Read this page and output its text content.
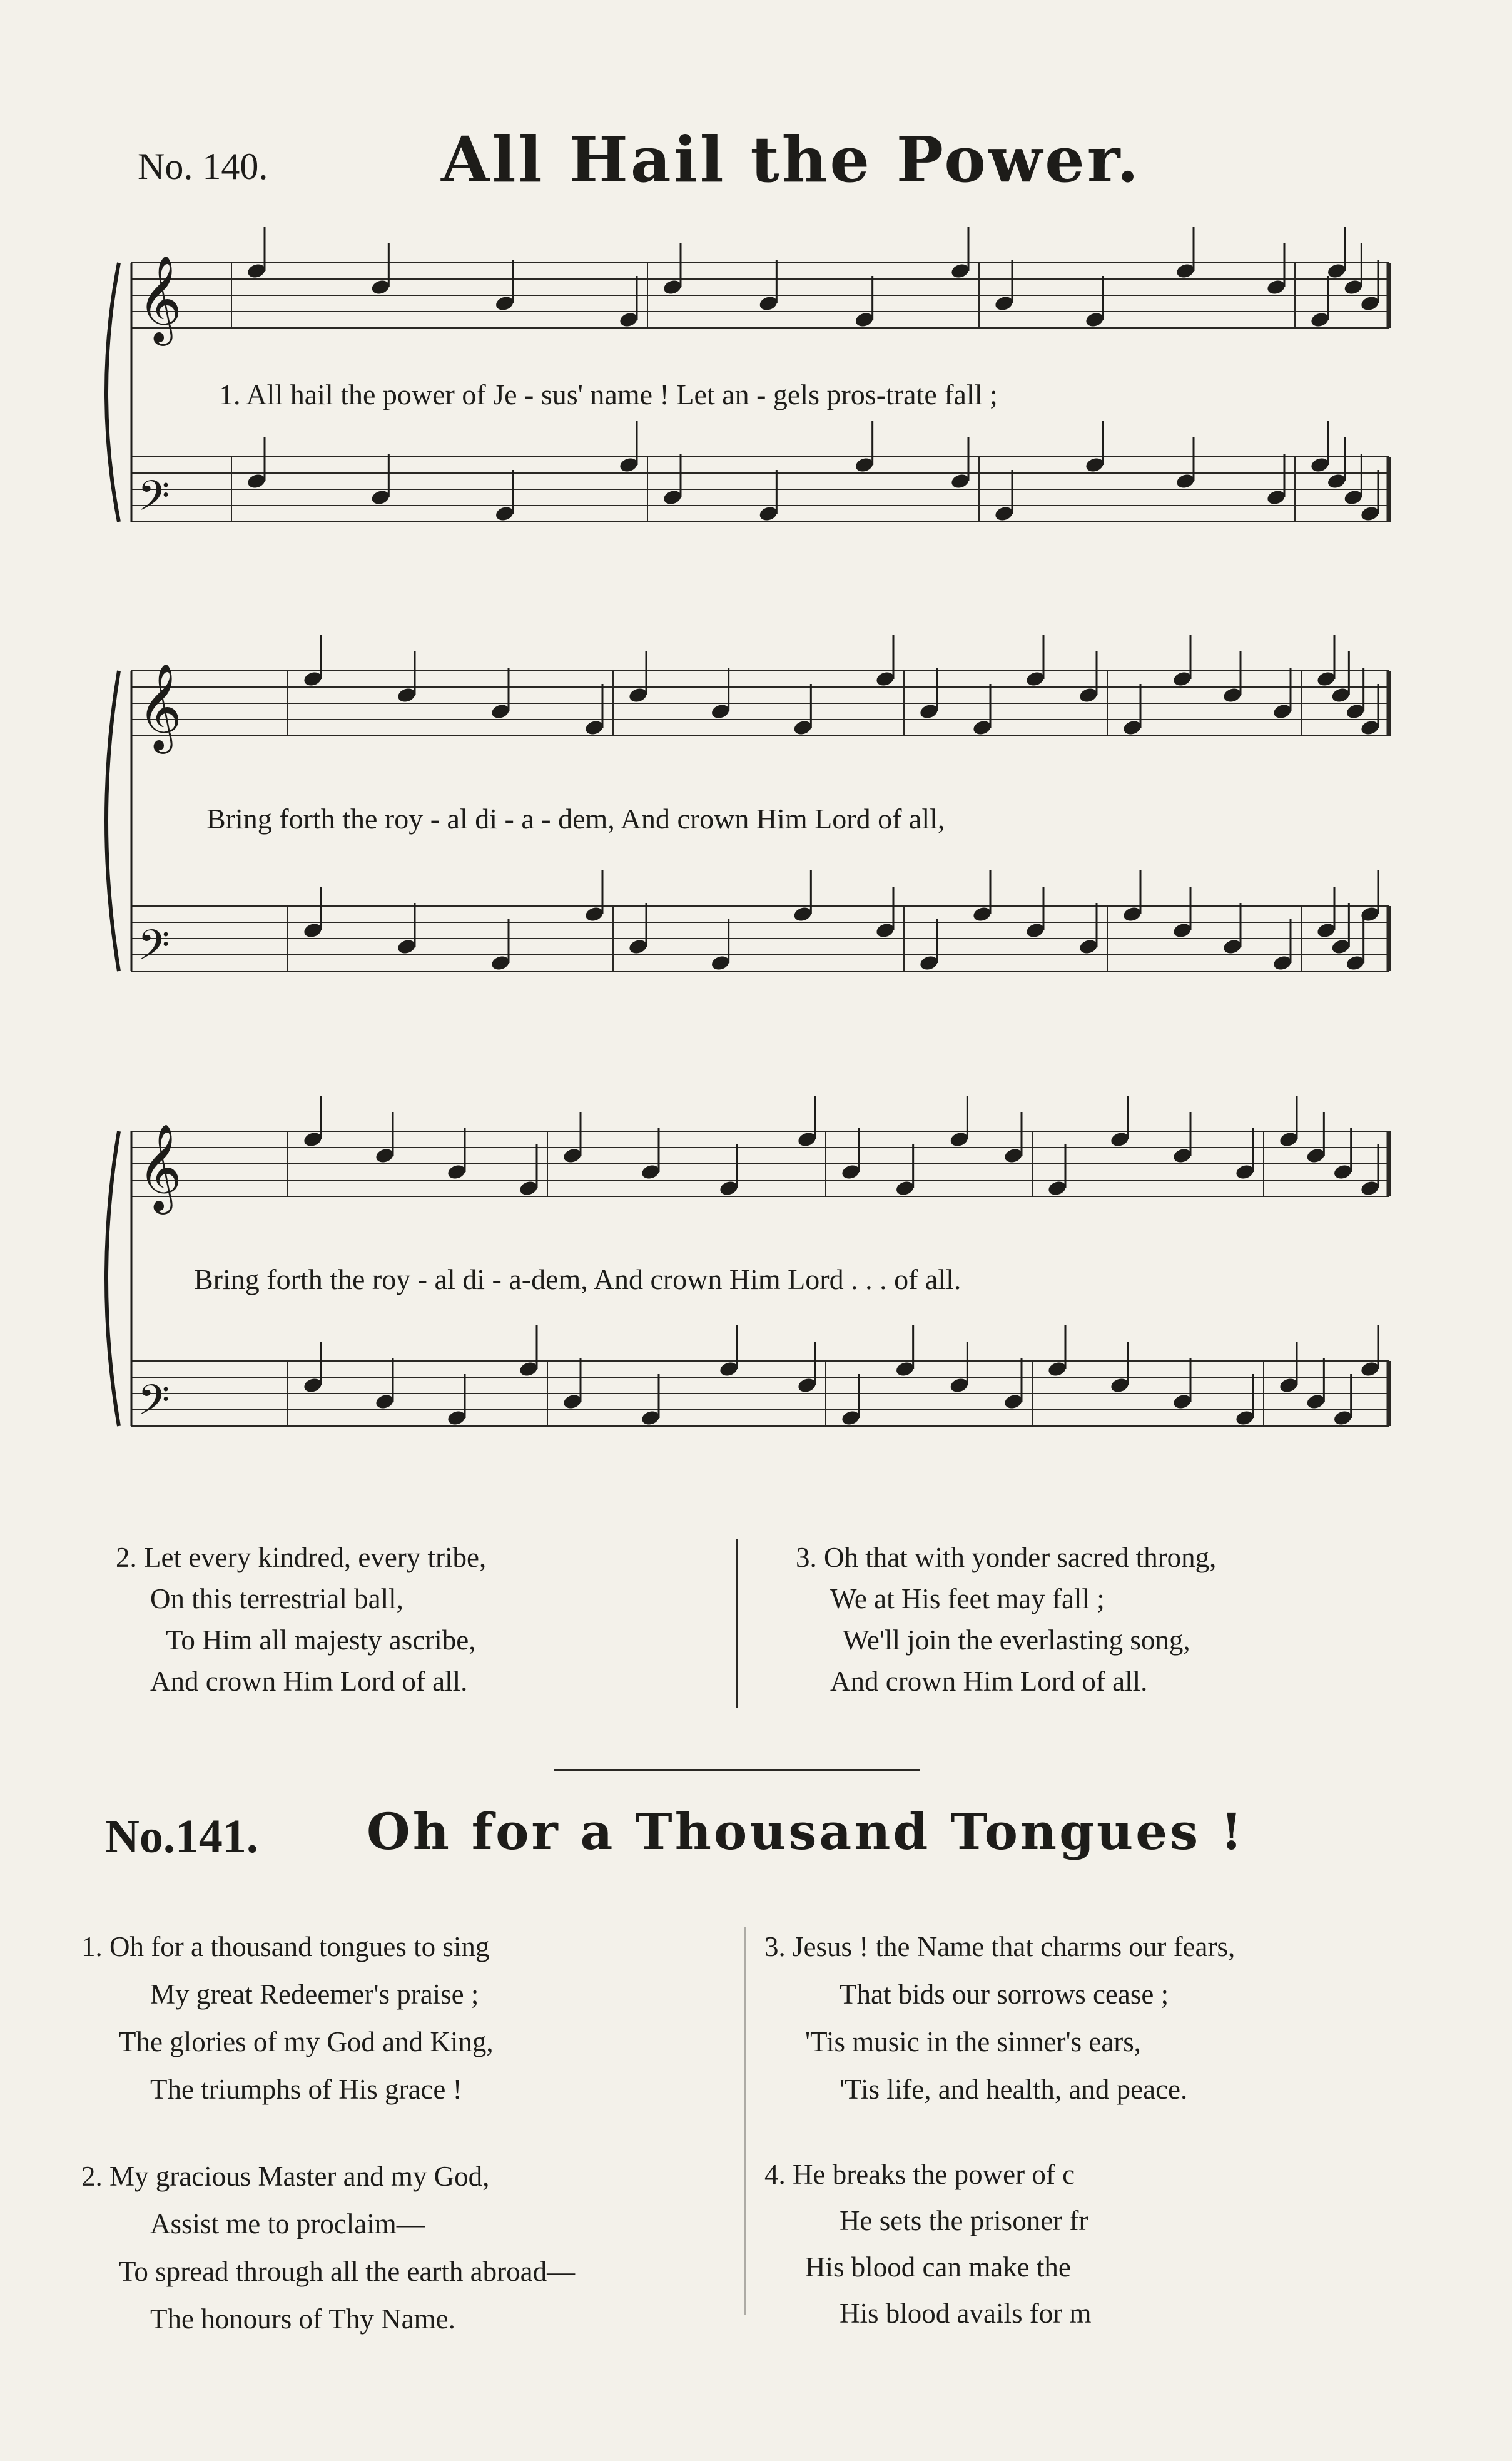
No. 140.	All Hail the Power.
𝄞
𝄢
1. All hail the power of Je - sus' name ! Let an - gels pros-trate fall ;
𝄞
𝄢
Bring forth the roy - al di - a - dem, And crown Him Lord of all,
𝄞
𝄢
Bring forth the roy - al di - a-dem, And crown Him Lord . . . of all.
2. Let every kindred, every tribe,
On this terrestrial ball,
To Him all majesty ascribe,
And crown Him Lord of all.
3. Oh that with yonder sacred throng,
We at His feet may fall ;
We'll join the everlasting song,
And crown Him Lord of all.
No.141. Oh for a Thousand Tongues !
1. Oh for a thousand tongues to sing
My great Redeemer's praise ;
The glories of my God and King,
The triumphs of His grace !
2. My gracious Master and my God,
Assist me to proclaim—
To spread through all the earth abroad—
The honours of Thy Name.
3. Jesus ! the Name that charms our fears,
That bids our sorrows cease ;
'Tis music in the sinner's ears,
'Tis life, and health, and peace.
4. He breaks the power of c
He sets the prisoner fr
His blood can make the
His blood avails for m
